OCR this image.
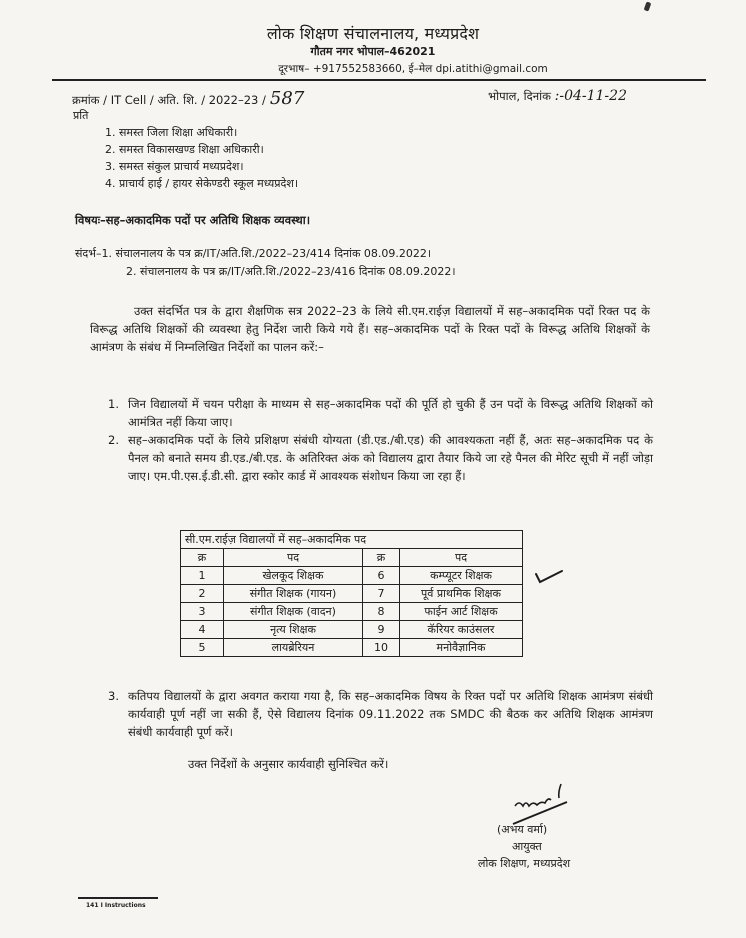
लोक शिक्षण संचालनालय, मध्यप्रदेश
गौतम नगर भोपाल–462021
दूरभाष– +917552583660, ई–मेल dpi.atithi@gmail.com
क्रमांक / IT Cell / अति. शि. / 2022–23 / 587	भोपाल, दिनांक :-04-11-22
प्रति
1. समस्त जिला शिक्षा अधिकारी।
2. समस्त विकासखण्ड शिक्षा अधिकारी।
3. समस्त संकुल प्राचार्य मध्यप्रदेश।
4. प्राचार्य हाई / हायर सेकेण्डरी स्कूल मध्यप्रदेश।
विषयः–सह–अकादमिक पदों पर अतिथि शिक्षक व्यवस्था।
संदर्भ–1. संचालनालय के पत्र क्र/IT/अति.शि./2022–23/414 दिनांक 08.09.2022।
2. संचालनालय के पत्र क्र/IT/अति.शि./2022–23/416 दिनांक 08.09.2022।
उक्त संदर्भित पत्र के द्वारा शैक्षणिक सत्र 2022–23 के लिये सी.एम.राईज़ विद्यालयों में सह–अकादमिक पदों रिक्त पद के विरूद्ध अतिथि शिक्षकों की व्यवस्था हेतु निर्देश जारी किये गये हैं। सह–अकादमिक पदों के रिक्त पदों के विरूद्ध अतिथि शिक्षकों के आमंत्रण के संबंध में निम्नलिखित निर्देशों का पालन करें:–
1. जिन विद्यालयों में चयन परीक्षा के माध्यम से सह–अकादमिक पदों की पूर्ति हो चुकी हैं उन पदों के विरूद्ध अतिथि शिक्षकों को आमंत्रित नहीं किया जाए।
2. सह–अकादमिक पदों के लिये प्रशिक्षण संबंधी योग्यता (डी.एड./बी.एड) की आवश्यकता नहीं हैं, अतः सह–अकादमिक पद के पैनल को बनाते समय डी.एड./बी.एड. के अतिरिक्त अंक को विद्यालय द्वारा तैयार किये जा रहे पैनल की मेरिट सूची में नहीं जोड़ा जाए। एम.पी.एस.ई.डी.सी. द्वारा स्कोर कार्ड में आवश्यक संशोधन किया जा रहा हैं।
सी.एम.राईज़ विद्यालयों में सह–अकादमिक पद			
क्र	पद	क्र	पद
1	खेलकूद शिक्षक	6	कम्प्यूटर शिक्षक
2	संगीत शिक्षक (गायन)	7	पूर्व प्राथमिक शिक्षक
3	संगीत शिक्षक (वादन)	8	फाईन आर्ट शिक्षक
4	नृत्य शिक्षक	9	कॅरियर काउंसलर
5	लायब्रेरियन	10	मनोवैज्ञानिक
3. कतिपय विद्यालयों के द्वारा अवगत कराया गया है, कि सह–अकादमिक विषय के रिक्त पदों पर अतिथि शिक्षक आमंत्रण संबंधी कार्यवाही पूर्ण नहीं जा सकी हैं, ऐसे विद्यालय दिनांक 09.11.2022 तक SMDC की बैठक कर अतिथि शिक्षक आमंत्रण संबंधी कार्यवाही पूर्ण करें।
उक्त निर्देशों के अनुसार कार्यवाही सुनिश्चित करें।
(अभय वर्मा)
आयुक्त
लोक शिक्षण, मध्यप्रदेश
141 I Instructions
